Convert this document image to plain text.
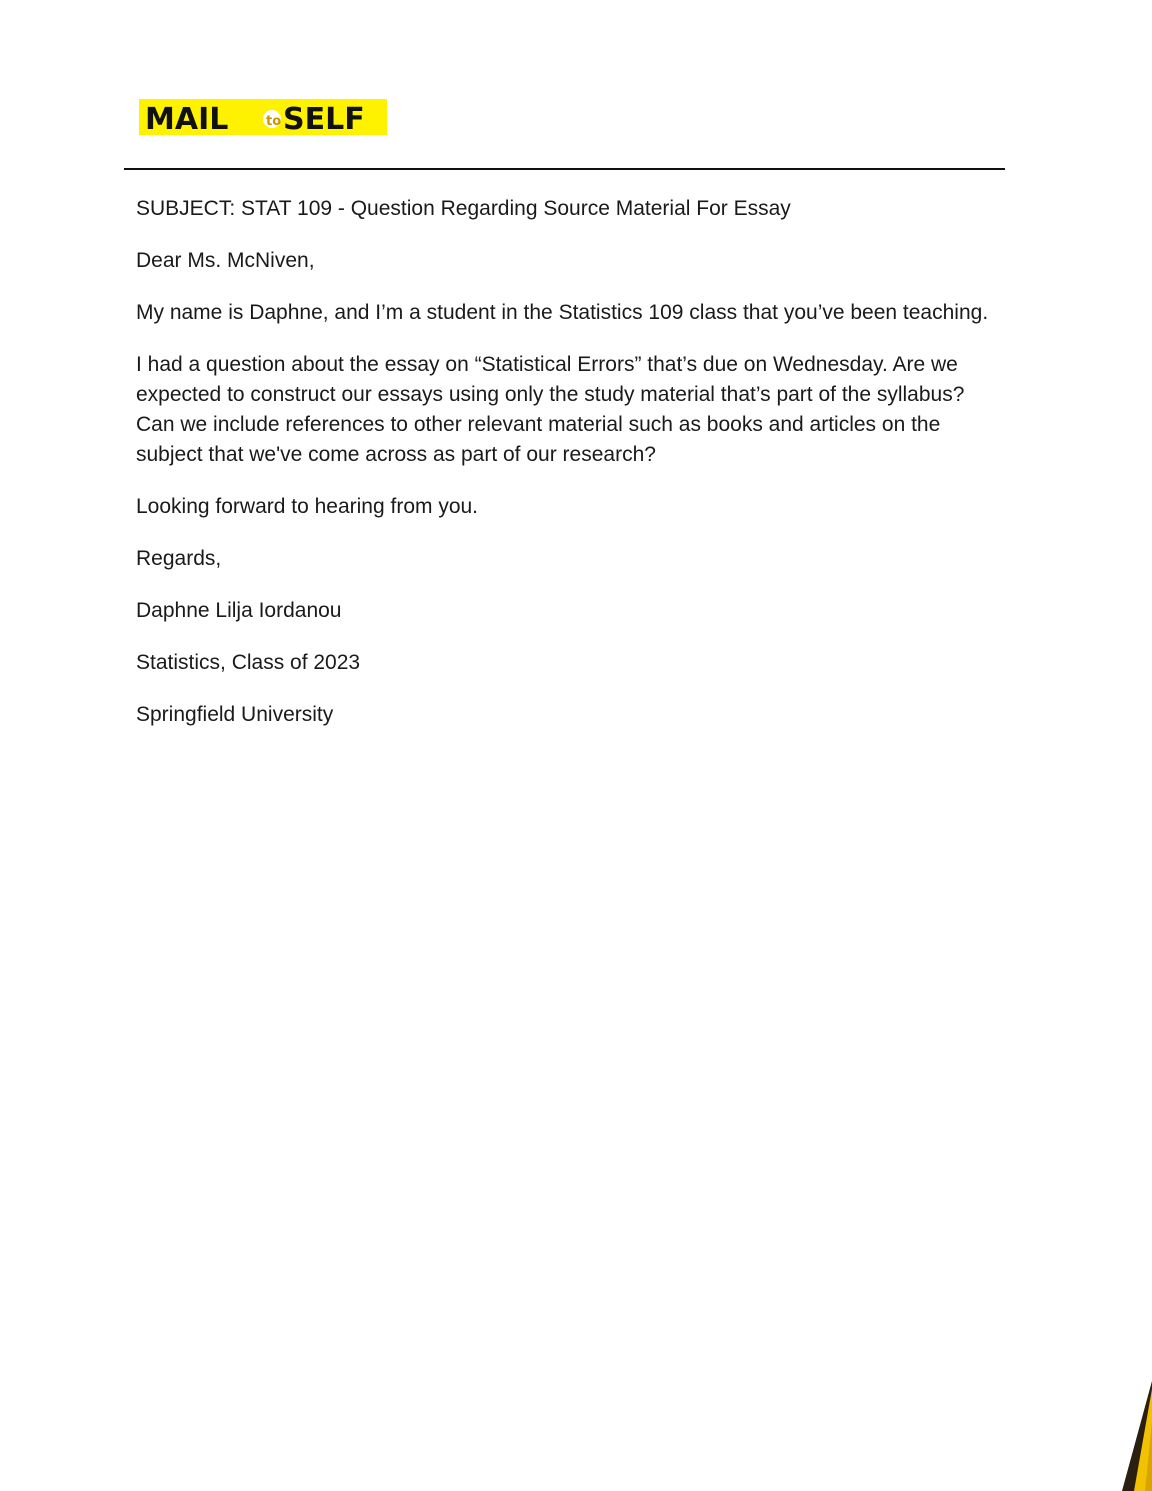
MAIL	to SELF

SUBJECT: STAT 109 - Question Regarding Source Material For Essay

Dear Ms. McNiven,

My name is Daphne, and I’m a student in the Statistics 109 class that you’ve been teaching.

I had a question about the essay on “Statistical Errors” that’s due on Wednesday. Are we expected to construct our essays using only the study material that’s part of the syllabus? Can we include references to other relevant material such as books and articles on the subject that we've come across as part of our research?

Looking forward to hearing from you.

Regards,

Daphne Lilja Iordanou

Statistics, Class of 2023

Springfield University
